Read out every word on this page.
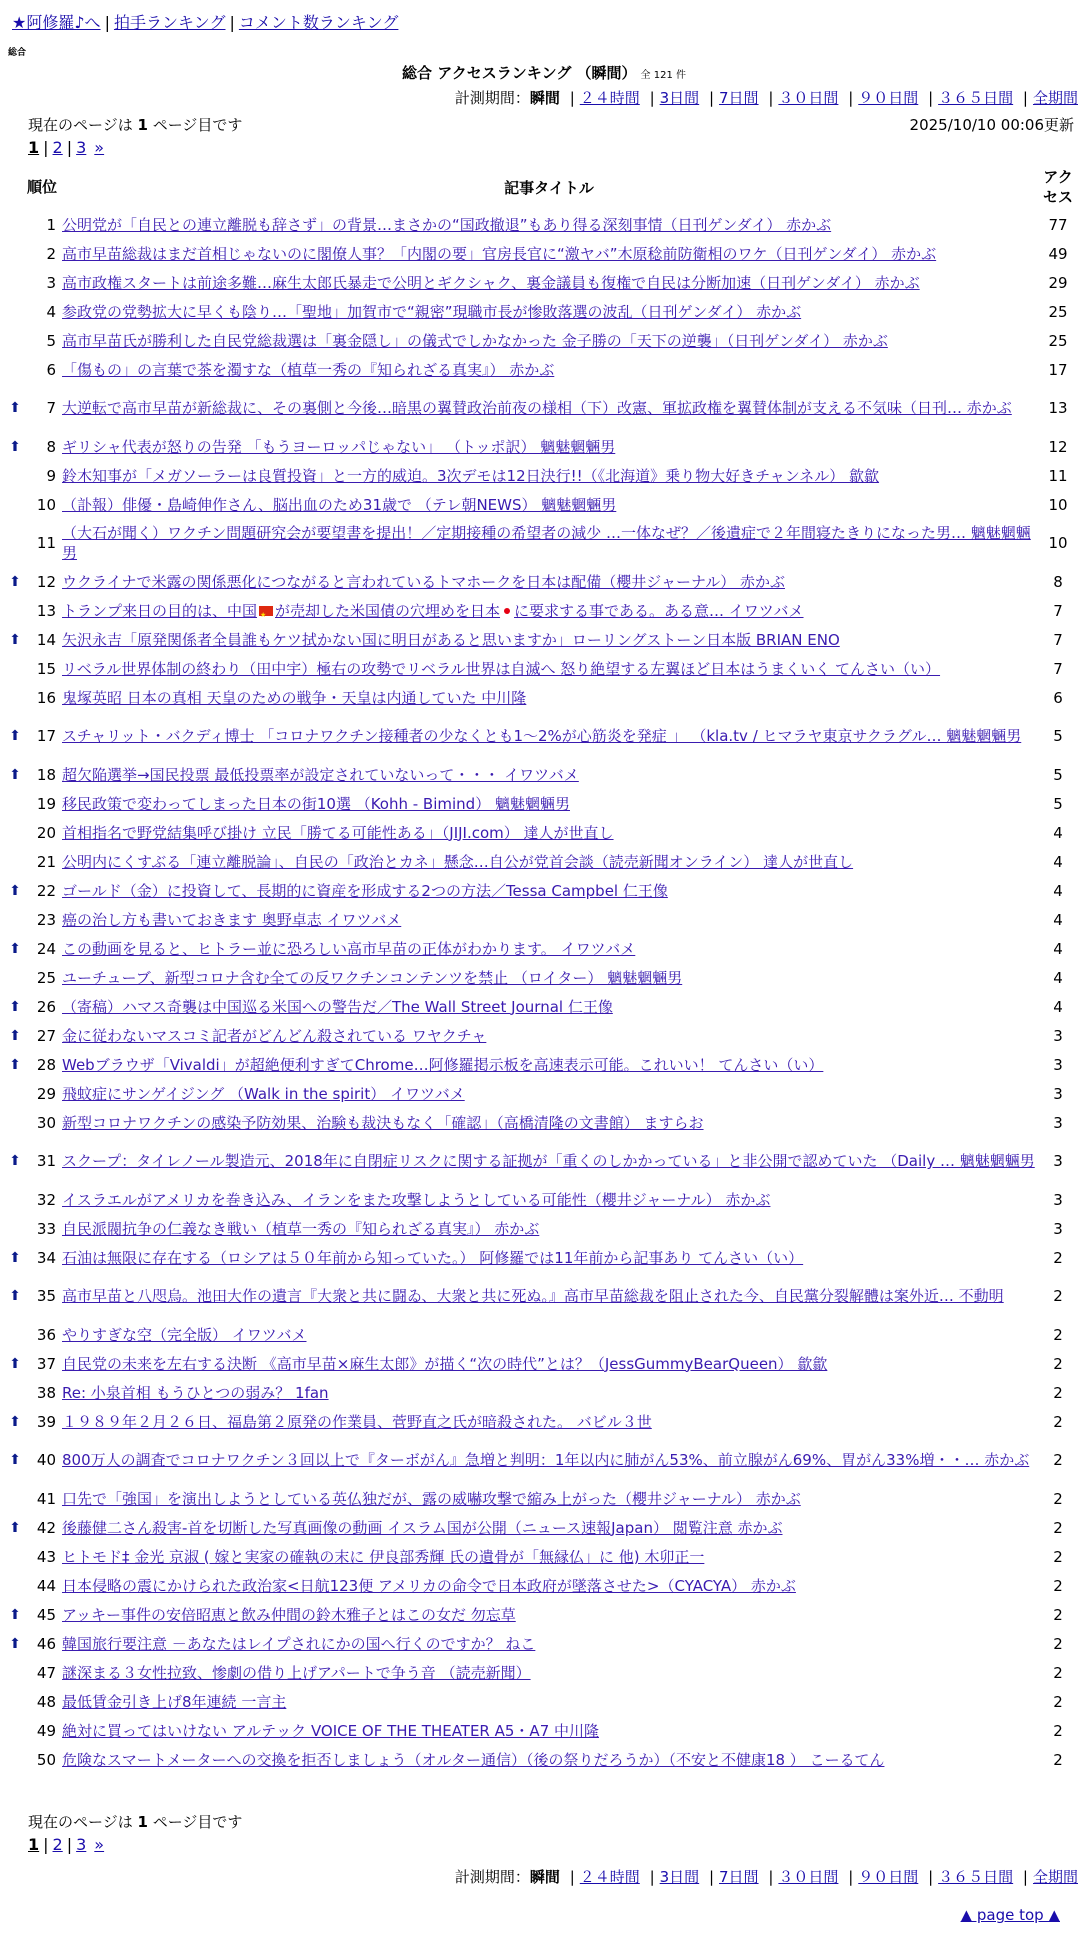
★阿修羅♪へ | 拍手ランキング | コメント数ランキング
総合
総合 アクセスランキング （瞬間） 全 121 件
計測期間：瞬間 | ２４時間 | 3日間 | 7日間 | ３０日間 | ９０日間 | ３６５日間 | 全期間
現在のページは 1 ページ目です	2025/10/10 00:06更新
1 | 2 | 3 »
	順位	記事タイトル	アクセス
	1	公明党が「自民との連立離脱も辞さず」の背景…まさかの“国政撤退”もあり得る深刻事情（日刊ゲンダイ） 赤かぶ	77
	2	高市早苗総裁はまだ首相じゃないのに閣僚人事？「内閣の要」官房長官に“激ヤバ”木原稔前防衛相のワケ（日刊ゲンダイ） 赤かぶ	49
	3	高市政権スタートは前途多難…麻生太郎氏暴走で公明とギクシャク、裏金議員も復権で自民は分断加速（日刊ゲンダイ） 赤かぶ	29
	4	参政党の党勢拡大に早くも陰り…「聖地」加賀市で“親密”現職市長が惨敗落選の波乱（日刊ゲンダイ） 赤かぶ	25
	5	高市早苗氏が勝利した自民党総裁選は「裏金隠し」の儀式でしかなかった 金子勝の「天下の逆襲」（日刊ゲンダイ） 赤かぶ	25
	6	「傷もの」の言葉で茶を濁すな（植草一秀の『知られざる真実』） 赤かぶ	17
⬆	7	大逆転で高市早苗が新総裁に、その裏側と今後…暗黒の翼賛政治前夜の様相（下）改憲、軍拡政権を翼賛体制が支える不気味（日刊… 赤かぶ	13
⬆	8	ギリシャ代表が怒りの告発 「もうヨーロッパじゃない」 （トッポ訳） 魑魅魍魎男	12
	9	鈴木知事が「メガソーラーは良質投資」と一方的威迫。3次デモは12日決行!!（《北海道》乗り物大好きチャンネル） 歙歙	11
	10	（訃報）俳優・島崎伸作さん、脳出血のため31歳で （テレ朝NEWS） 魑魅魍魎男	10
	11	（大石が聞く）ワクチン問題研究会が要望書を提出！／定期接種の希望者の減少 …一体なぜ？／後遺症で２年間寝たきりになった男… 魑魅魍魎男	10
⬆	12	ウクライナで米露の関係悪化につながると言われているトマホークを日本は配備（櫻井ジャーナル） 赤かぶ	8
	13	トランプ来日の目的は、中国 ★ が売却した米国債の穴埋めを日本 に要求する事である。ある意… イワツバメ	7
⬆	14	矢沢永吉「原発関係者全員誰もケツ拭かない国に明日があると思いますか」ローリングストーン日本版 BRIAN ENO	7
	15	リベラル世界体制の終わり（田中宇）極右の攻勢でリベラル世界は自滅へ 怒り絶望する左翼ほど日本はうまくいく てんさい（い）	7
	16	鬼塚英昭 日本の真相 天皇のための戦争・天皇は内通していた 中川隆	6
⬆	17	スチャリット・バクディ博士 「コロナワクチン接種者の少なくとも1～2%が心筋炎を発症 」 （kla.tv / ヒマラヤ東京サクラグル… 魑魅魍魎男	5
⬆	18	超欠陥選挙→国民投票 最低投票率が設定されていないって・・・ イワツバメ	5
	19	移民政策で変わってしまった日本の街10選 （Kohh - Bimind） 魑魅魍魎男	5
	20	首相指名で野党結集呼び掛け 立民「勝てる可能性ある」（JIJI.com） 達人が世直し	4
	21	公明内にくすぶる「連立離脱論」、自民の「政治とカネ」懸念…自公が党首会談（読売新聞オンライン） 達人が世直し	4
⬆	22	ゴールド（金）に投資して、長期的に資産を形成する2つの方法／Tessa Campbel 仁王像	4
	23	癌の治し方も書いておきます 奥野卓志 イワツバメ	4
⬆	24	この動画を見ると、ヒトラー並に恐ろしい高市早苗の正体がわかります。 イワツバメ	4
	25	ユーチューブ、新型コロナ含む全ての反ワクチンコンテンツを禁止 （ロイター） 魑魅魍魎男	4
⬆	26	（寄稿）ハマス奇襲は中国巡る米国への警告だ／The Wall Street Journal 仁王像	4
⬆	27	金に従わないマスコミ記者がどんどん殺されている ワヤクチャ	3
⬆	28	Webブラウザ「Vivaldi」が超絶便利すぎてChrome…阿修羅掲示板を高速表示可能。これいい！ てんさい（い）	3
	29	飛蚊症にサンゲイジング （Walk in the spirit） イワツバメ	3
	30	新型コロナワクチンの感染予防効果、治験も裁決もなく「確認」（高橋清隆の文書館） ますらお	3
⬆	31	スクープ：タイレノール製造元、2018年に自閉症リスクに関する証拠が「重くのしかかっている」と非公開で認めていた （Daily … 魑魅魍魎男	3
	32	イスラエルがアメリカを巻き込み、イランをまた攻撃しようとしている可能性（櫻井ジャーナル） 赤かぶ	3
	33	自民派閥抗争の仁義なき戦い（植草一秀の『知られざる真実』） 赤かぶ	3
⬆	34	石油は無限に存在する（ロシアは５０年前から知っていた。） 阿修羅では11年前から記事あり てんさい（い）	2
⬆	35	高市早苗と八咫烏。池田大作の遺言『大衆と共に闘ゐ、大衆と共に死ぬ。』高市早苗総裁を阻止された今、自民黨分裂解體は案外近… 不動明	2
	36	やりすぎな空（完全版） イワツバメ	2
⬆	37	自民党の未来を左右する決断 《高市早苗×麻生太郎》が描く“次の時代”とは？（JessGummyBearQueen） 歙歙	2
	38	Re: 小泉首相 もうひとつの弱み？ 1fan	2
⬆	39	１９８９年２月２６日、福島第２原発の作業員、菅野直之氏が暗殺された。 バビル３世	2
⬆	40	800万人の調査でコロナワクチン３回以上で『ターボがん』急増と判明：1年以内に肺がん53%、前立腺がん69%、胃がん33%増・・… 赤かぶ	2
	41	口先で「強国」を演出しようとしている英仏独だが、露の威嚇攻撃で縮み上がった（櫻井ジャーナル） 赤かぶ	2
⬆	42	後藤健二さん殺害-首を切断した写真画像の動画 イスラム国が公開（ニュース速報Japan） 閲覧注意 赤かぶ	2
	43	ヒトモド‡ 金光 京淑 ( 嫁と実家の確執の末に 伊良部秀輝 氏の遺骨が「無縁仏」に 他) 木卯正一	2
	44	日本侵略の震にかけられた政治家<日航123便 アメリカの命令で日本政府が墜落させた>（CYACYA） 赤かぶ	2
⬆	45	アッキー事件の安倍昭恵と飲み仲間の鈴木雅子とはこの女だ 勿忘草	2
⬆	46	韓国旅行要注意 －あなたはレイプされにかの国へ行くのですか？ ねこ	2
	47	謎深まる３女性拉致、惨劇の借り上げアパートで争う音 （読売新聞）	2
	48	最低賃金引き上げ8年連続 一言主	2
	49	絶対に買ってはいけない アルテック VOICE OF THE THEATER A5・A7 中川隆	2
	50	危険なスマートメーターへの交換を拒否しましょう（オルター通信）（後の祭りだろうか）（不安と不健康18 ） こーるてん	2
現在のページは 1 ページ目です
1 | 2 | 3 »
計測期間：瞬間 | ２４時間 | 3日間 | 7日間 | ３０日間 | ９０日間 | ３６５日間 | 全期間
▲ page top ▲
